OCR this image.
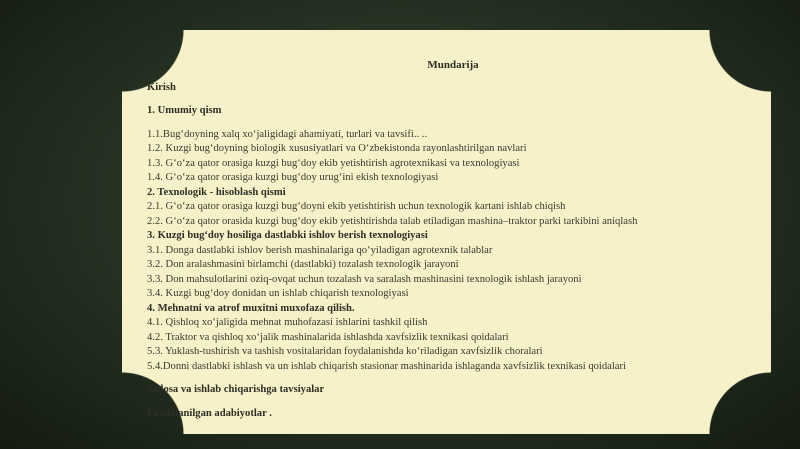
Mundarija
Kirish
1. Umumiy qism
1.1.Bug‘doyning xalq xo‘jaligidagi ahamiyati, turlari va tavsifi.. ..
1.2. Kuzgi bug‘doyning biologik xususiyatlari va O‘zbekistonda rayonlashtirilgan navlari
1.3. G‘o‘za qator orasiga kuzgi bug‘doy ekib yetishtirish agrotexnikasi va texnologiyasi
1.4. G‘o‘za qator orasiga kuzgi bug‘doy urug‘ini ekish texnologiyasi
2. Texnologik - hisoblash qismi
2.1. G‘o‘za qator orasiga kuzgi bug‘doyni ekib yetishtirish uchun texnologik kartani ishlab chiqish
2.2. G‘o‘za qator orasida kuzgi bug‘doy ekib yetishtirishda talab etiladigan mashina–traktor parki tarkibini aniqlash
3. Kuzgi bug‘doy hosiliga dastlabki ishlov berish texnologiyasi
3.1. Donga dastlabki ishlov berish mashinalariga qo‘yiladigan agrotexnik talablar
3.2. Don aralashmasini birlamchi (dastlabki) tozalash texnologik jarayoni
3.3. Don mahsulotlarini oziq-ovqat uchun tozalash va saralash mashinasini texnologik ishlash jarayoni
3.4. Kuzgi bug‘doy donidan un ishlab chiqarish texnologiyasi
4. Mehnatni va atrof muxitni muxofaza qilish.
4.1. Qishloq xo‘jaligida mehnat muhofazasi ishlarini tashkil qilish
4.2. Traktor va qishloq xo‘jalik mashinalarida ishlashda xavfsizlik texnikasi qoidalari
5.3. Yuklash-tushirish va tashish vositalaridan foydalanishda ko‘riladigan xavfsizlik choralari
5.4.Donni dastlabki ishlash va un ishlab chiqarish stasionar mashinarida ishlaganda xavfsizlik texnikasi qoidalari
Xulosa va ishlab chiqarishga tavsiyalar
Foydalanilgan adabiyotlar .
